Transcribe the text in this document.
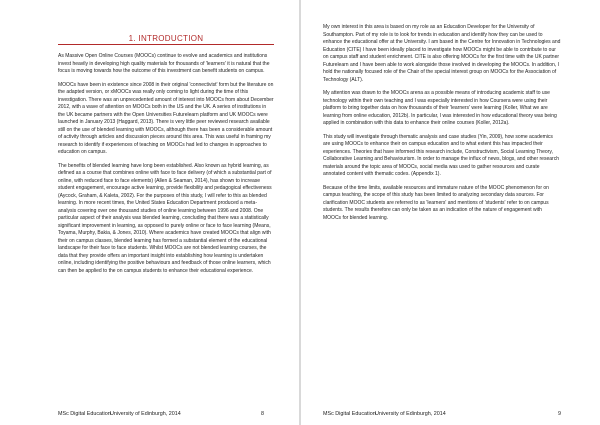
1. INTRODUCTION

As Massive Open Online Courses (MOOCs) continue to evolve and academics and institutions invest heavily in developing high quality materials for thousands of 'learners' it is natural that the focus is moving towards how the outcome of this investment can benefit students on campus.

MOOCs have been in existence since 2008 in their original 'connectivist' form but the literature on the adapted version, or xMOOCs was really only coming to light during the time of this investigation. There was an unprecedented amount of interest into MOOCs from about December 2012, with a wave of attention on MOOCs both in the US and the UK. A series of institutions in the UK became partners with the Open Universities Futurelearn platform and UK MOOCs were launched in January 2013 (Haggard, 2013). There is very little peer reviewed research available still on the use of blended learning with MOOCs, although there has been a considerable amount of activity through articles and discussion pieces around this area. This was useful in framing my research to identify if experiences of teaching on MOOCs had led to changes in approaches to education on campus.

The benefits of blended learning have long been established. Also known as hybrid learning, as defined as a course that combines online with face to face delivery (of which a substantial part of online, with reduced face to face elements) (Allen & Seaman, 2014), has shown to increase student engagement, encourage active learning, provide flexibility and pedagogical effectiveness (Aycock, Graham, & Kaleta, 2002). For the purposes of this study, I will refer to this as blended learning. In more recent times, the United States Education Department produced a meta-analysis covering over one thousand studies of online learning between 1996 and 2008. One particular aspect of their analysis was blended learning, concluding that there was a statistically significant improvement in learning, as opposed to purely online or face to face learning (Means, Toyama, Murphy, Bakia, & Jones, 2010). Where academics have created MOOCs that align with their on campus classes, blended learning has formed a substantial element of the educational landscape for their face to face students. Whilst MOOCs are not blended learning courses, the data that they provide offers an important insight into establishing how learning is undertaken online, including identifying the positive behaviours and feedback of those online learners, which can then be applied to the on campus students to enhance their educational experience.

MSc Digital Education University of Edinburgh, 2014	8

My own interest in this area is based on my role as an Education Developer for the University of Southampton. Part of my role is to look for trends in education and identify how they can be used to enhance the educational offer at the University. I am based in the Centre for Innovation in Technologies and Education (CITE) I have been ideally placed to investigate how MOOCs might be able to contribute to our on campus staff and student enrichment. CITE is also offering MOOCs for the first time with the UK partner Futurelearn and I have been able to work alongside those involved in developing the MOOCs. In addition, I hold the nationally focused role of the Chair of the special interest group on MOOCs for the Association of Technology (ALT).

My attention was drawn to the MOOCs arena as a possible means of introducing academic staff to use technology within their own teaching and I was especially interested in how Coursera were using their platform to bring together data on how thousands of their 'learners' were learning (Koller, What we are learning from online education, 2012b). In particular, I was interested in how educational theory was being applied in combination with this data to enhance their online courses (Koller, 2012a).

This study will investigate through thematic analysis and case studies (Yin, 2009), how some academics are using MOOCs to enhance their on campus education and to what extent this has impacted their experiences. Theories that have informed this research include, Constructivism, Social Learning Theory, Collaborative Learning and Behaviourism. In order to manage the influx of news, blogs, and other research materials around the topic area of MOOCs, social media was used to gather resources and curate annotated content with thematic codes. (Appendix 1).

Because of the time limits, available resources and immature nature of the MOOC phenomenon for on campus teaching, the scope of this study has been limited to analyzing secondary data sources. For clarification MOOC students are referred to as 'learners' and mentions of 'students' refer to on campus students. The results therefore can only be taken as an indication of the nature of engagement with MOOCs for blended learning.

MSc Digital Education University of Edinburgh, 2014	9
